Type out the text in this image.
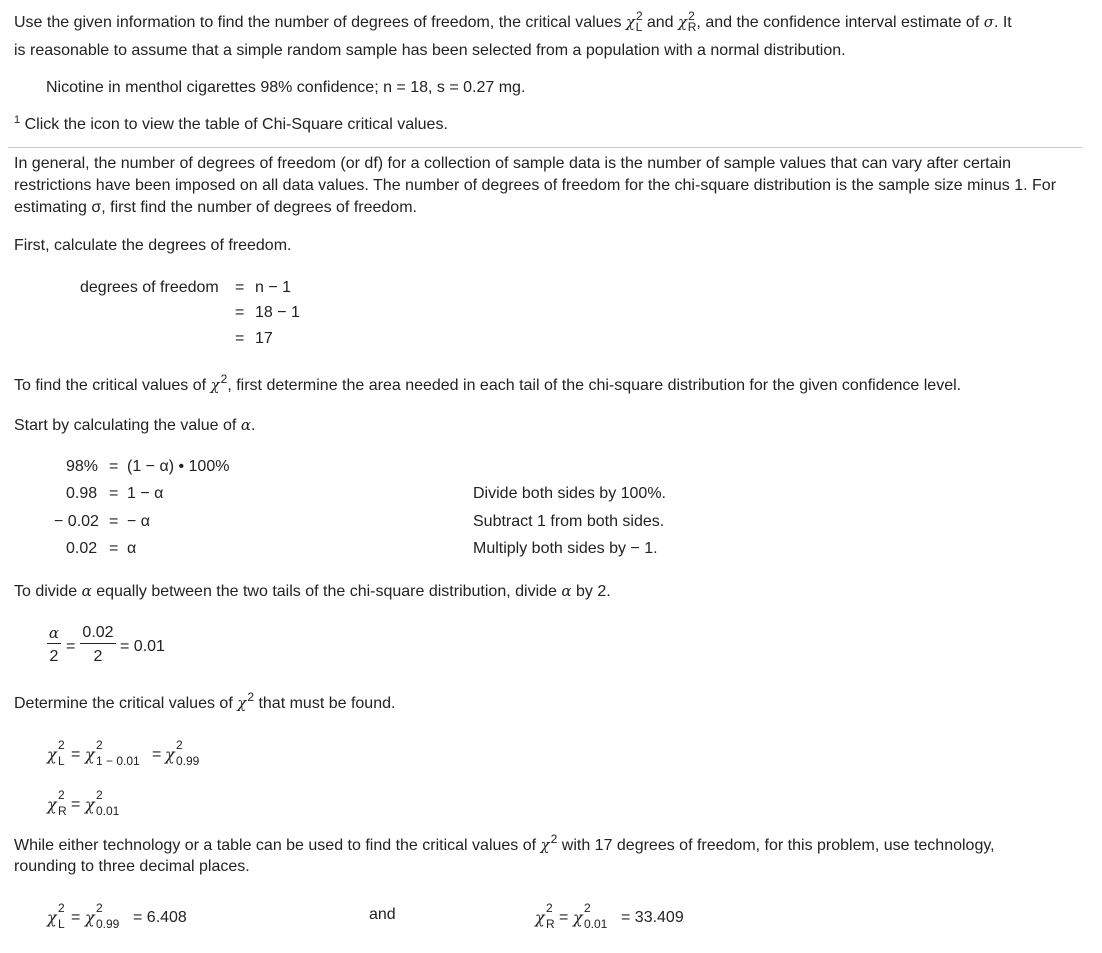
Use the given information to find the number of degrees of freedom, the critical values $\chi^2_L$ and $\chi^2_R$, and the confidence interval estimate of σ. It
is reasonable to assume that a simple random sample has been selected from a population with a normal distribution.
Nicotine in menthol cigarettes 98% confidence; n = 18, s = 0.27 mg.
$^1$ Click the icon to view the table of Chi-Square critical values.
In general, the number of degrees of freedom (or df) for a collection of sample data is the number of sample values that can vary after certain restrictions have been imposed on all data values. The number of degrees of freedom for the chi-square distribution is the sample size minus 1. For estimating σ, first find the number of degrees of freedom.
First, calculate the degrees of freedom.
degrees of freedom = n − 1
= 18 − 1
= 17
To find the critical values of $\chi^2$, first determine the area needed in each tail of the chi-square distribution for the given confidence level.
Start by calculating the value of α.
98% = (1 − α) • 100%
0.98 = 1 − α	Divide both sides by 100%.
− 0.02 = − α	Subtract 1 from both sides.
0.02 = α	Multiply both sides by − 1.
To divide α equally between the two tails of the chi-square distribution, divide α by 2.
α
2
=
0.02
2
= 0.01
Determine the critical values of $\chi^2$ that must be found.
χ 2
L = χ 2
1 − 0.01 = χ 2
0.99
χ 2
R = χ 2
0.01
While either technology or a table can be used to find the critical values of $\chi^2$ with 17 degrees of freedom, for this problem, use technology,
rounding to three decimal places.
χ 2
L = χ 2
0.99 = 6.408	and	χ 2
R = χ 2
0.01 = 33.409
